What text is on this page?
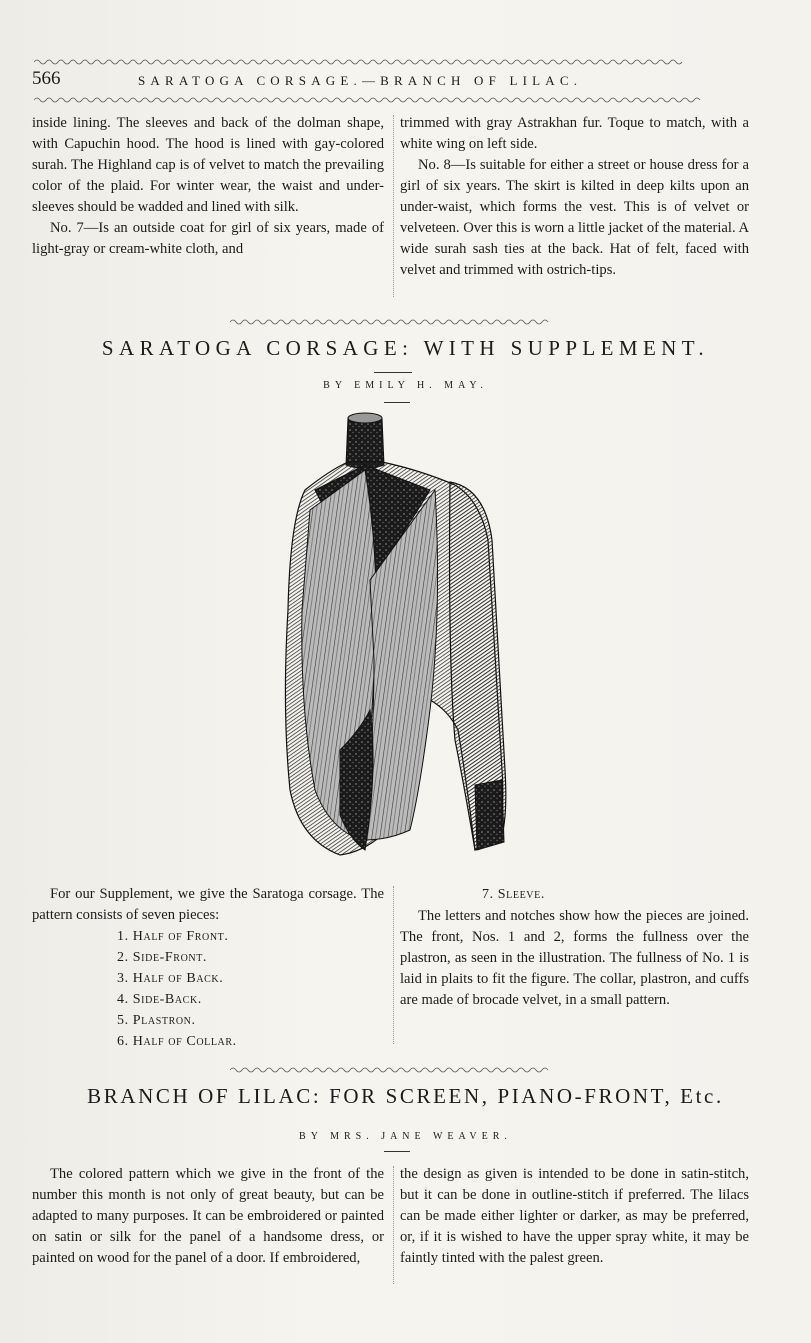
566	SARATOGA CORSAGE.—BRANCH OF LILAC.

inside lining. The sleeves and back of the dolman shape, with Capuchin hood. The hood is lined with gay-colored surah. The Highland cap is of velvet to match the prevailing color of the plaid. For winter wear, the waist and under-sleeves should be wadded and lined with silk.

No. 7—Is an outside coat for girl of six years, made of light-gray or cream-white cloth, and

trimmed with gray Astrakhan fur. Toque to match, with a white wing on left side.

No. 8—Is suitable for either a street or house dress for a girl of six years. The skirt is kilted in deep kilts upon an under-waist, which forms the vest. This is of velvet or velveteen. Over this is worn a little jacket of the material. A wide surah sash ties at the back. Hat of felt, faced with velvet and trimmed with ostrich-tips.

SARATOGA CORSAGE: WITH SUPPLEMENT.
BY EMILY H. MAY.

For our Supplement, we give the Saratoga corsage. The pattern consists of seven pieces:

1. Half of Front.
2. Side-Front.
3. Half of Back.
4. Side-Back.
5. Plastron.
6. Half of Collar.
7. Sleeve.

The letters and notches show how the pieces are joined. The front, Nos. 1 and 2, forms the fullness over the plastron, as seen in the illustration. The fullness of No. 1 is laid in plaits to fit the figure. The collar, plastron, and cuffs are made of brocade velvet, in a small pattern.

BRANCH OF LILAC: FOR SCREEN, PIANO-FRONT, Etc.
BY MRS. JANE WEAVER.

The colored pattern which we give in the front of the number this month is not only of great beauty, but can be adapted to many purposes. It can be embroidered or painted on satin or silk for the panel of a handsome dress, or painted on wood for the panel of a door. If embroidered,

the design as given is intended to be done in satin-stitch, but it can be done in outline-stitch if preferred. The lilacs can be made either lighter or darker, as may be preferred, or, if it is wished to have the upper spray white, it may be faintly tinted with the palest green.
